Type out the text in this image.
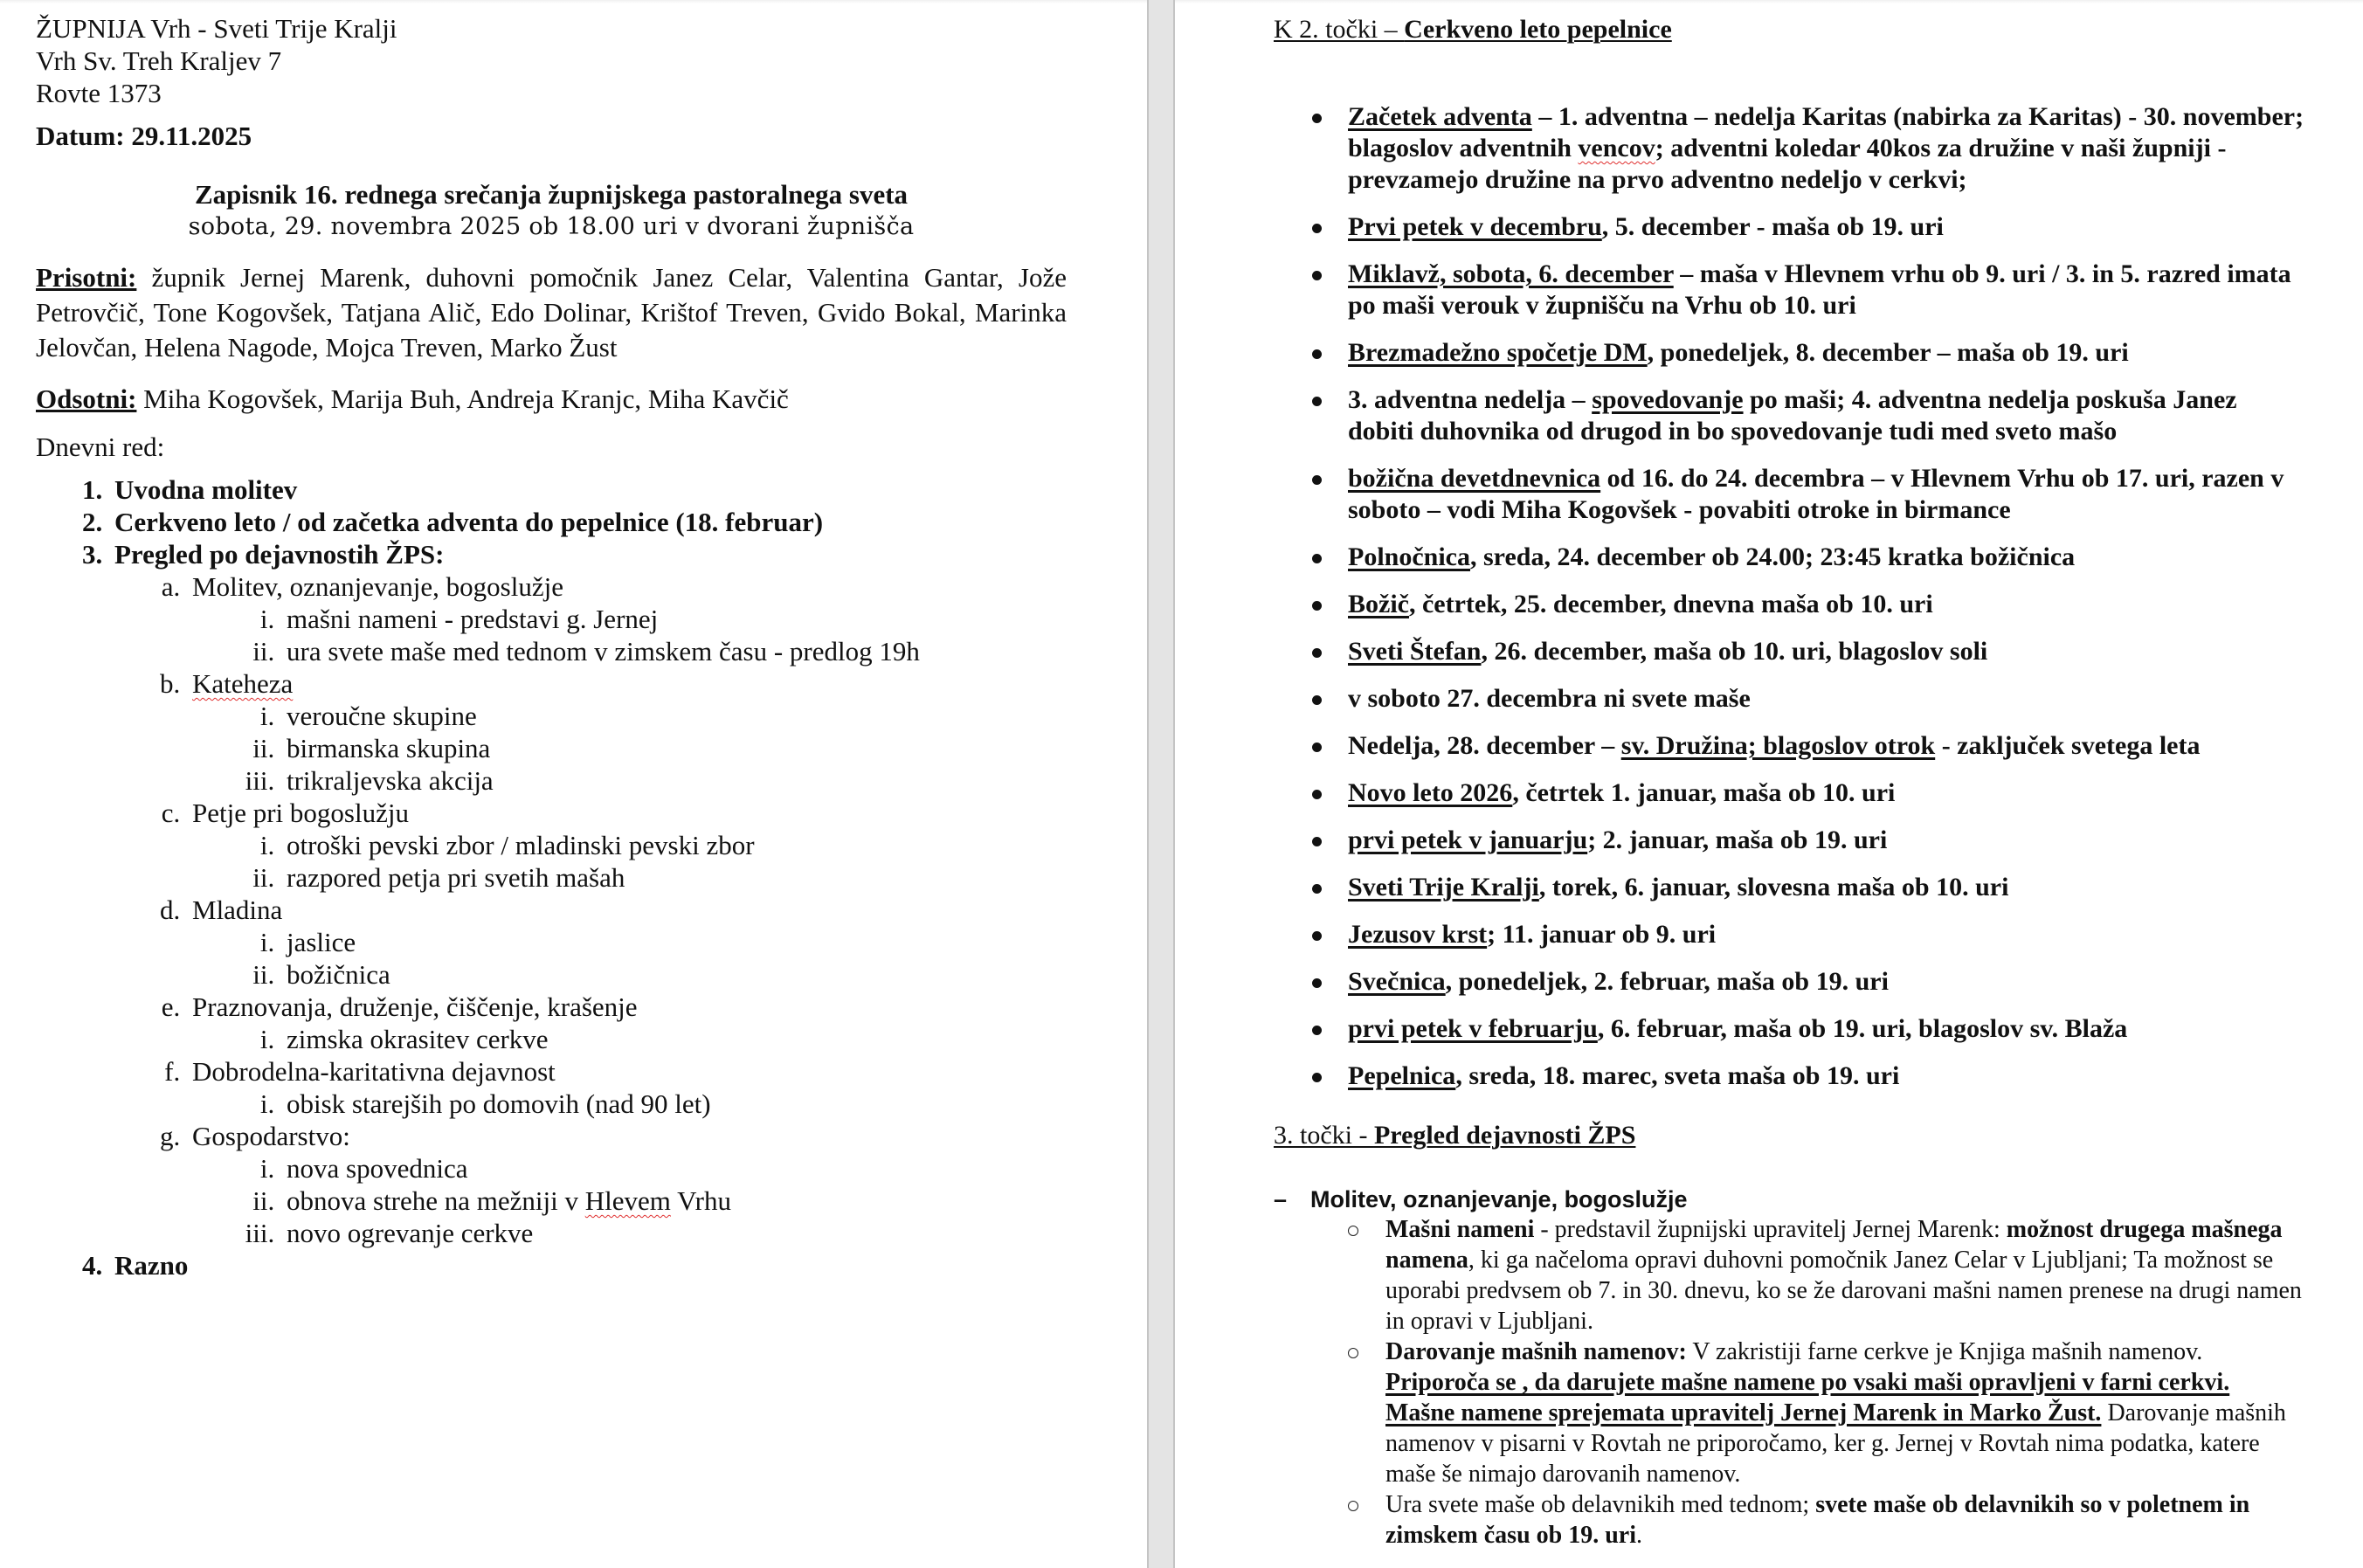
ŽUPNIJA Vrh - Sveti Trije Kralji
Vrh Sv. Treh Kraljev 7
Rovte 1373
Datum: 29.11.2025
Zapisnik 16. rednega srečanja župnijskega pastoralnega sveta
sobota, 29. novembra 2025 ob 18.00 uri v dvorani župnišča
Prisotni: župnik Jernej Marenk, duhovni pomočnik Janez Celar, Valentina Gantar, Jože Petrovčič, Tone Kogovšek, Tatjana Alič, Edo Dolinar, Krištof Treven, Gvido Bokal, Marinka Jelovčan, Helena Nagode, Mojca Treven, Marko Žust
Odsotni: Miha Kogovšek, Marija Buh, Andreja Kranjc, Miha Kavčič
Dnevni red:
1. Uvodna molitev
2. Cerkveno leto / od začetka adventa do pepelnice (18. februar)
3. Pregled po dejavnostih ŽPS:
a. Molitev, oznanjevanje, bogoslužje
i. mašni nameni - predstavi g. Jernej
ii. ura svete maše med tednom v zimskem času - predlog 19h
b. Kateheza
i. veroučne skupine
ii. birmanska skupina
iii. trikraljevska akcija
c. Petje pri bogoslužju
i. otroški pevski zbor / mladinski pevski zbor
ii. razpored petja pri svetih mašah
d. Mladina
i. jaslice
ii. božičnica
e. Praznovanja, druženje, čiščenje, krašenje
i. zimska okrasitev cerkve
f. Dobrodelna-karitativna dejavnost
i. obisk starejših po domovih (nad 90 let)
g. Gospodarstvo:
i. nova spovednica
ii. obnova strehe na mežniji v Hlevem Vrhu
iii. novo ogrevanje cerkve
4. Razno
K 2. točki – Cerkveno leto pepelnice
Začetek adventa – 1. adventna – nedelja Karitas (nabirka za Karitas) - 30. november; blagoslov adventnih vencov; adventni koledar 40kos za družine v naši župniji - prevzamejo družine na prvo adventno nedeljo v cerkvi;
Prvi petek v decembru, 5. december - maša ob 19. uri
Miklavž, sobota, 6. december – maša v Hlevnem vrhu ob 9. uri / 3. in 5. razred imata po maši verouk v župnišču na Vrhu ob 10. uri
Brezmadežno spočetje DM, ponedeljek, 8. december – maša ob 19. uri
3. adventna nedelja – spovedovanje po maši; 4. adventna nedelja poskuša Janez dobiti duhovnika od drugod in bo spovedovanje tudi med sveto mašo
božična devetdnevnica od 16. do 24. decembra – v Hlevnem Vrhu ob 17. uri, razen v soboto – vodi Miha Kogovšek - povabiti otroke in birmance
Polnočnica, sreda, 24. december ob 24.00; 23:45 kratka božičnica
Božič, četrtek, 25. december, dnevna maša ob 10. uri
Sveti Štefan, 26. december, maša ob 10. uri, blagoslov soli
v soboto 27. decembra ni svete maše
Nedelja, 28. december – sv. Družina; blagoslov otrok - zaključek svetega leta
Novo leto 2026, četrtek 1. januar, maša ob 10. uri
prvi petek v januarju; 2. januar, maša ob 19. uri
Sveti Trije Kralji, torek, 6. januar, slovesna maša ob 10. uri
Jezusov krst; 11. januar ob 9. uri
Svečnica, ponedeljek, 2. februar, maša ob 19. uri
prvi petek v februarju, 6. februar, maša ob 19. uri, blagoslov sv. Blaža
Pepelnica, sreda, 18. marec, sveta maša ob 19. uri
3. točki - Pregled dejavnosti ŽPS
– Molitev, oznanjevanje, bogoslužje
Mašni nameni - predstavil župnijski upravitelj Jernej Marenk: možnost drugega mašnega namena, ki ga načeloma opravi duhovni pomočnik Janez Celar v Ljubljani; Ta možnost se uporabi predvsem ob 7. in 30. dnevu, ko se že darovani mašni namen prenese na drugi namen in opravi v Ljubljani.
Darovanje mašnih namenov: V zakristiji farne cerkve je Knjiga mašnih namenov. Priporoča se , da darujete mašne namene po vsaki maši opravljeni v farni cerkvi. Mašne namene sprejemata upravitelj Jernej Marenk in Marko Žust. Darovanje mašnih namenov v pisarni v Rovtah ne priporočamo, ker g. Jernej v Rovtah nima podatka, katere maše še nimajo darovanih namenov.
Ura svete maše ob delavnikih med tednom; svete maše ob delavnikih so v poletnem in zimskem času ob 19. uri.
